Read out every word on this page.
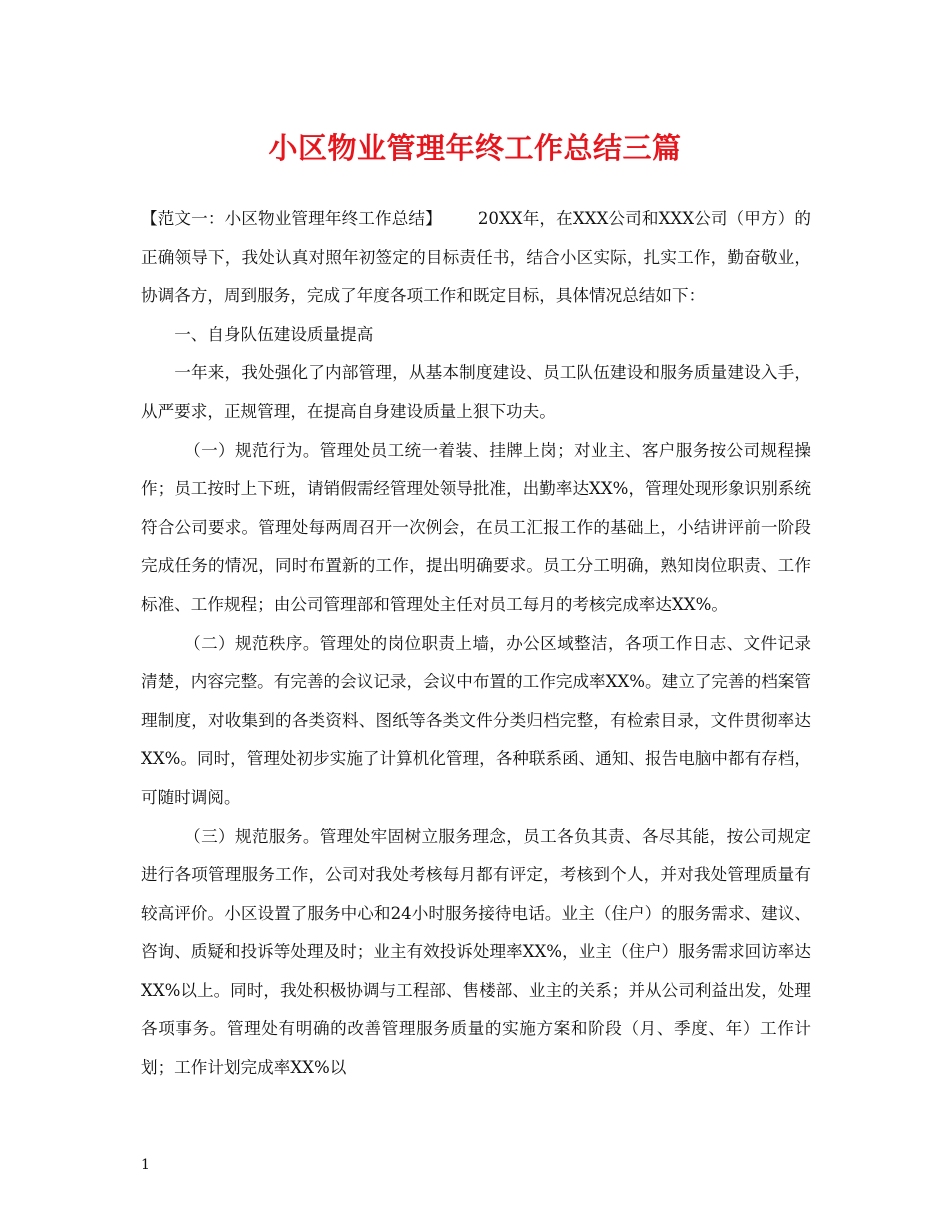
小区物业管理年终工作总结三篇

【范文一：小区物业管理年终工作总结】 20XX年，在XXX公司和XXX公司（甲方）的正确领导下，我处认真对照年初签定的目标责任书，结合小区实际，扎实工作，勤奋敬业，协调各方，周到服务，完成了年度各项工作和既定目标，具体情况总结如下：

一、自身队伍建设质量提高

一年来，我处强化了内部管理，从基本制度建设、员工队伍建设和服务质量建设入手，从严要求，正规管理，在提高自身建设质量上狠下功夫。

（一）规范行为。管理处员工统一着装、挂牌上岗；对业主、客户服务按公司规程操作；员工按时上下班，请销假需经管理处领导批准，出勤率达XX%，管理处现形象识别系统符合公司要求。管理处每两周召开一次例会，在员工汇报工作的基础上，小结讲评前一阶段完成任务的情况，同时布置新的工作，提出明确要求。员工分工明确，熟知岗位职责、工作标准、工作规程；由公司管理部和管理处主任对员工每月的考核完成率达XX%。

（二）规范秩序。管理处的岗位职责上墙，办公区域整洁，各项工作日志、文件记录清楚，内容完整。有完善的会议记录，会议中布置的工作完成率XX%。建立了完善的档案管理制度，对收集到的各类资料、图纸等各类文件分类归档完整，有检索目录，文件贯彻率达XX%。同时，管理处初步实施了计算机化管理，各种联系函、通知、报告电脑中都有存档，可随时调阅。

（三）规范服务。管理处牢固树立服务理念，员工各负其责、各尽其能，按公司规定进行各项管理服务工作，公司对我处考核每月都有评定，考核到个人，并对我处管理质量有较高评价。小区设置了服务中心和24小时服务接待电话。业主（住户）的服务需求、建议、咨询、质疑和投诉等处理及时；业主有效投诉处理率XX%，业主（住户）服务需求回访率达XX%以上。同时，我处积极协调与工程部、售楼部、业主的关系；并从公司利益出发，处理各项事务。管理处有明确的改善管理服务质量的实施方案和阶段（月、季度、年）工作计划；工作计划完成率XX%以

1
